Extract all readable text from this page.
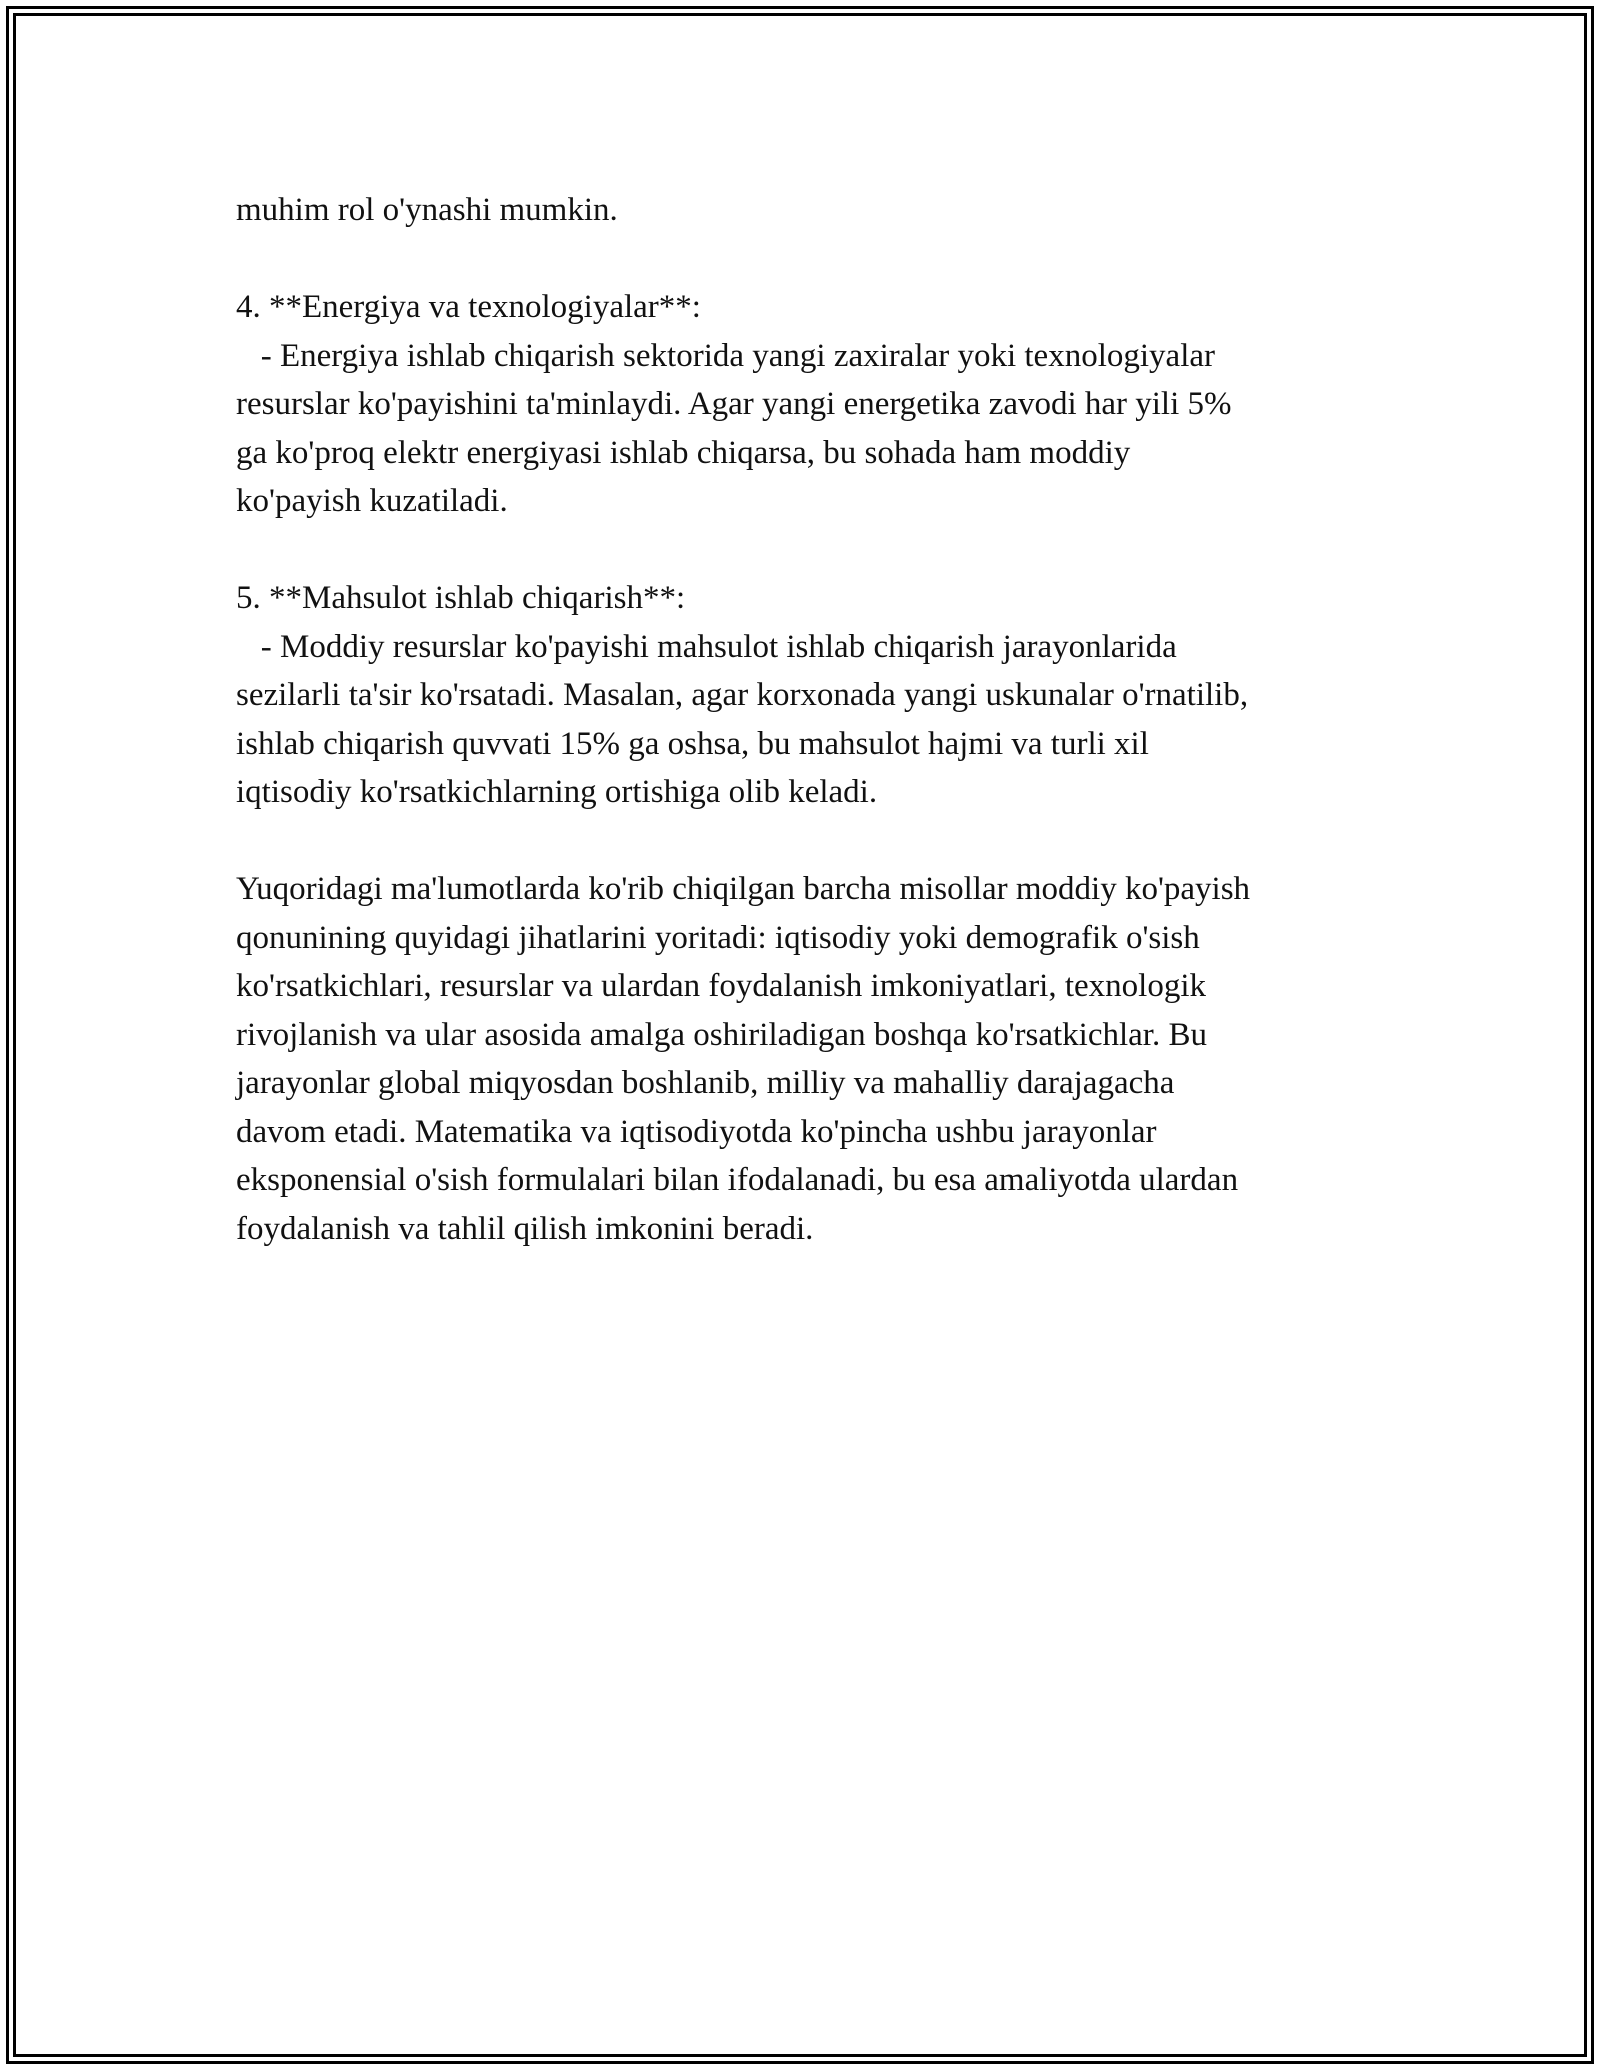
muhim rol o'ynashi mumkin.
4. **Energiya va texnologiyalar**:
- Energiya ishlab chiqarish sektorida yangi zaxiralar yoki texnologiyalar
resurslar ko'payishini ta'minlaydi. Agar yangi energetika zavodi har yili 5%
ga ko'proq elektr energiyasi ishlab chiqarsa, bu sohada ham moddiy
ko'payish kuzatiladi.
5. **Mahsulot ishlab chiqarish**:
- Moddiy resurslar ko'payishi mahsulot ishlab chiqarish jarayonlarida
sezilarli ta'sir ko'rsatadi. Masalan, agar korxonada yangi uskunalar o'rnatilib,
ishlab chiqarish quvvati 15% ga oshsa, bu mahsulot hajmi va turli xil
iqtisodiy ko'rsatkichlarning ortishiga olib keladi.
Yuqoridagi ma'lumotlarda ko'rib chiqilgan barcha misollar moddiy ko'payish
qonunining quyidagi jihatlarini yoritadi: iqtisodiy yoki demografik o'sish
ko'rsatkichlari, resurslar va ulardan foydalanish imkoniyatlari, texnologik
rivojlanish va ular asosida amalga oshiriladigan boshqa ko'rsatkichlar. Bu
jarayonlar global miqyosdan boshlanib, milliy va mahalliy darajagacha
davom etadi. Matematika va iqtisodiyotda ko'pincha ushbu jarayonlar
eksponensial o'sish formulalari bilan ifodalanadi, bu esa amaliyotda ulardan
foydalanish va tahlil qilish imkonini beradi.
